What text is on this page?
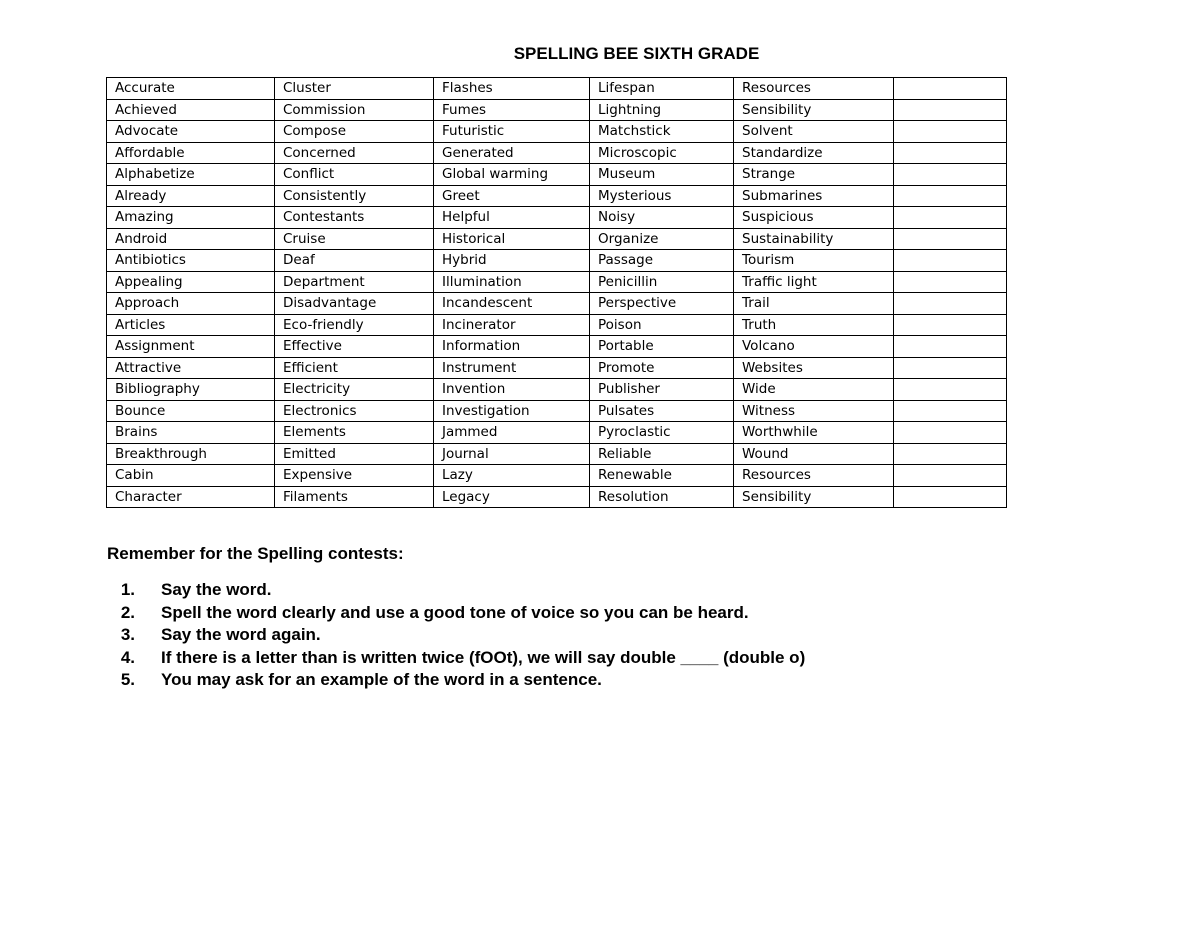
SPELLING BEE SIXTH GRADE
Accurate	Cluster	Flashes	Lifespan	Resources	
Achieved	Commission	Fumes	Lightning	Sensibility	
Advocate	Compose	Futuristic	Matchstick	Solvent	
Affordable	Concerned	Generated	Microscopic	Standardize	
Alphabetize	Conflict	Global warming	Museum	Strange	
Already	Consistently	Greet	Mysterious	Submarines	
Amazing	Contestants	Helpful	Noisy	Suspicious	
Android	Cruise	Historical	Organize	Sustainability	
Antibiotics	Deaf	Hybrid	Passage	Tourism	
Appealing	Department	Illumination	Penicillin	Traffic light	
Approach	Disadvantage	Incandescent	Perspective	Trail	
Articles	Eco-friendly	Incinerator	Poison	Truth	
Assignment	Effective	Information	Portable	Volcano	
Attractive	Efficient	Instrument	Promote	Websites	
Bibliography	Electricity	Invention	Publisher	Wide	
Bounce	Electronics	Investigation	Pulsates	Witness	
Brains	Elements	Jammed	Pyroclastic	Worthwhile	
Breakthrough	Emitted	Journal	Reliable	Wound	
Cabin	Expensive	Lazy	Renewable	Resources	
Character	Filaments	Legacy	Resolution	Sensibility	
Remember for the Spelling contests:
1. Say the word.
2. Spell the word clearly and use a good tone of voice so you can be heard.
3. Say the word again.
4. If there is a letter than is written twice (fOOt), we will say double ____ (double o)
5. You may ask for an example of the word in a sentence.
